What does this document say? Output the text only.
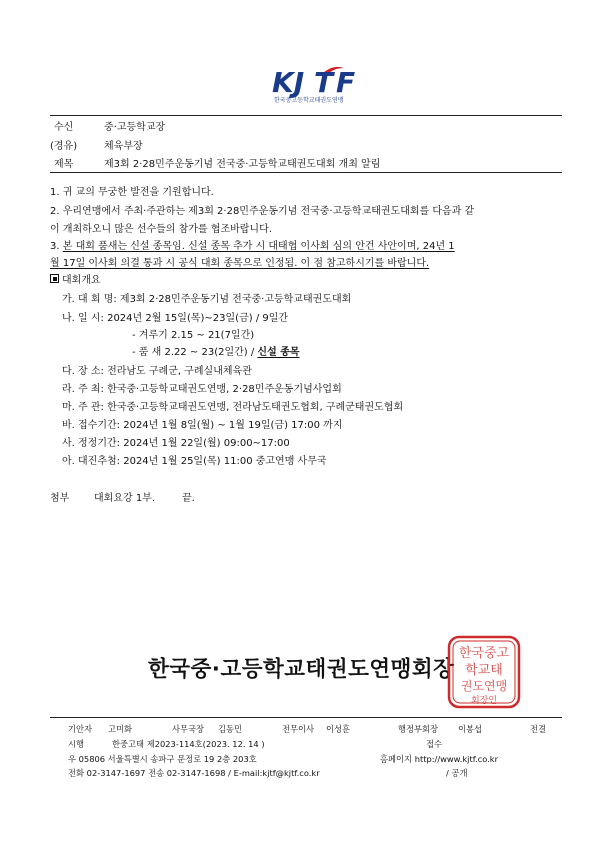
KJ T F
한국중고등학교태권도연맹
수신	중·고등학교장
(경유)	체육부장
제목	제3회 2·28민주운동기념 전국중·고등학교태권도대회 개최 알림
1. 귀 교의 무궁한 발전을 기원합니다.
2. 우리연맹에서 주최·주관하는 제3회 2·28민주운동기념 전국중·고등학교태권도대회를 다음과 같
이 개최하오니 많은 선수들의 참가를 협조바랍니다.
3. 본 대회 품새는 신설 종목임. 신설 종목 추가 시 대태협 이사회 심의 안건 사안이며, 24년 1
월 17일 이사회 의결 통과 시 공식 대회 종목으로 인정됨. 이 점 참고하시기를 바랍니다.
대회개요
가. 대 회 명: 제3회 2·28민주운동기념 전국중·고등학교태권도대회
나. 일 시: 2024년 2월 15일(목)~23일(금) / 9일간
- 겨루기 2.15 ~ 21(7일간)
- 품 새 2.22 ~ 23(2일간) / 신설 종목
다. 장 소: 전라남도 구례군, 구례실내체육관
라. 주 최: 한국중·고등학교태권도연맹, 2·28민주운동기념사업회
마. 주 관: 한국중·고등학교태권도연맹, 전라남도태권도협회, 구례군태권도협회
바. 접수기간: 2024년 1월 8일(월) ~ 1월 19일(금) 17:00 까지
사. 정정기간: 2024년 1월 22일(월) 09:00~17:00
아. 대진추첨: 2024년 1월 25일(목) 11:00 중고연맹 사무국
첨부 대회요강 1부.	끝.
한국중·고등학교태권도연맹회장
한국중고
학교태
권도연맹
회장인
기안자 고미화	사무국장 김동민	전무이사 이성훈	행정부회장 이봉섭	전결
시행	한중고태 제2023-114호(2023. 12. 14 )	접수
우 05806 서울특별시 송파구 문정로 19 2층 203호	홈페이지 http://www.kjtf.co.kr
전화 02-3147-1697 전송 02-3147-1698 / E-mail:kjtf@kjtf.co.kr	/ 공개
